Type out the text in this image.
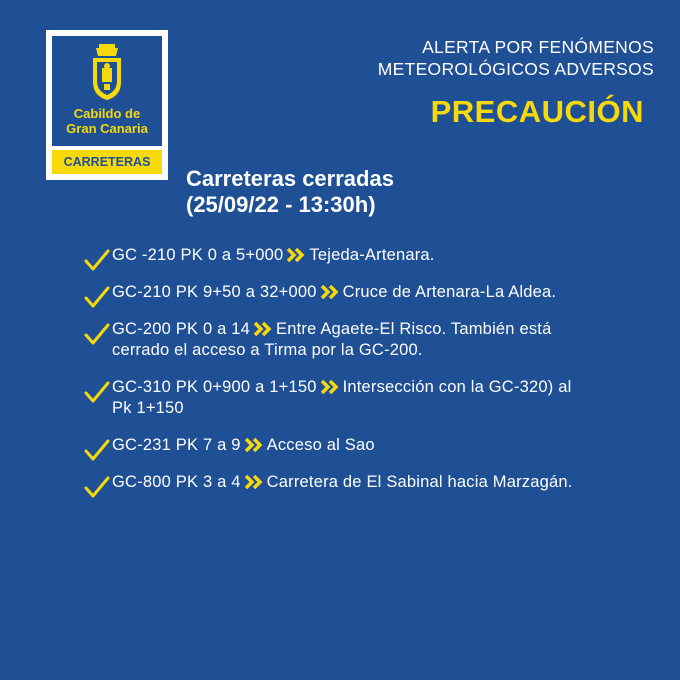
Cabildo de
Gran Canaria
CARRETERAS
ALERTA POR FENÓMENOS
METEOROLÓGICOS ADVERSOS
PRECAUCIÓN
Carreteras cerradas
(25/09/22 - 13:30h)
GC -210 PK 0 a 5+000 Tejeda-Artenara.
GC-210 PK 9+50 a 32+000 Cruce de Artenara-La Aldea.
GC-200 PK 0 a 14 Entre Agaete-El Risco. También está cerrado el acceso a Tirma por la GC-200.
GC-310 PK 0+900 a 1+150 Intersección con la GC-320) al Pk 1+150
GC-231 PK 7 a 9 Acceso al Sao
GC-800 PK 3 a 4 Carretera de El Sabinal hacia Marzagán.
